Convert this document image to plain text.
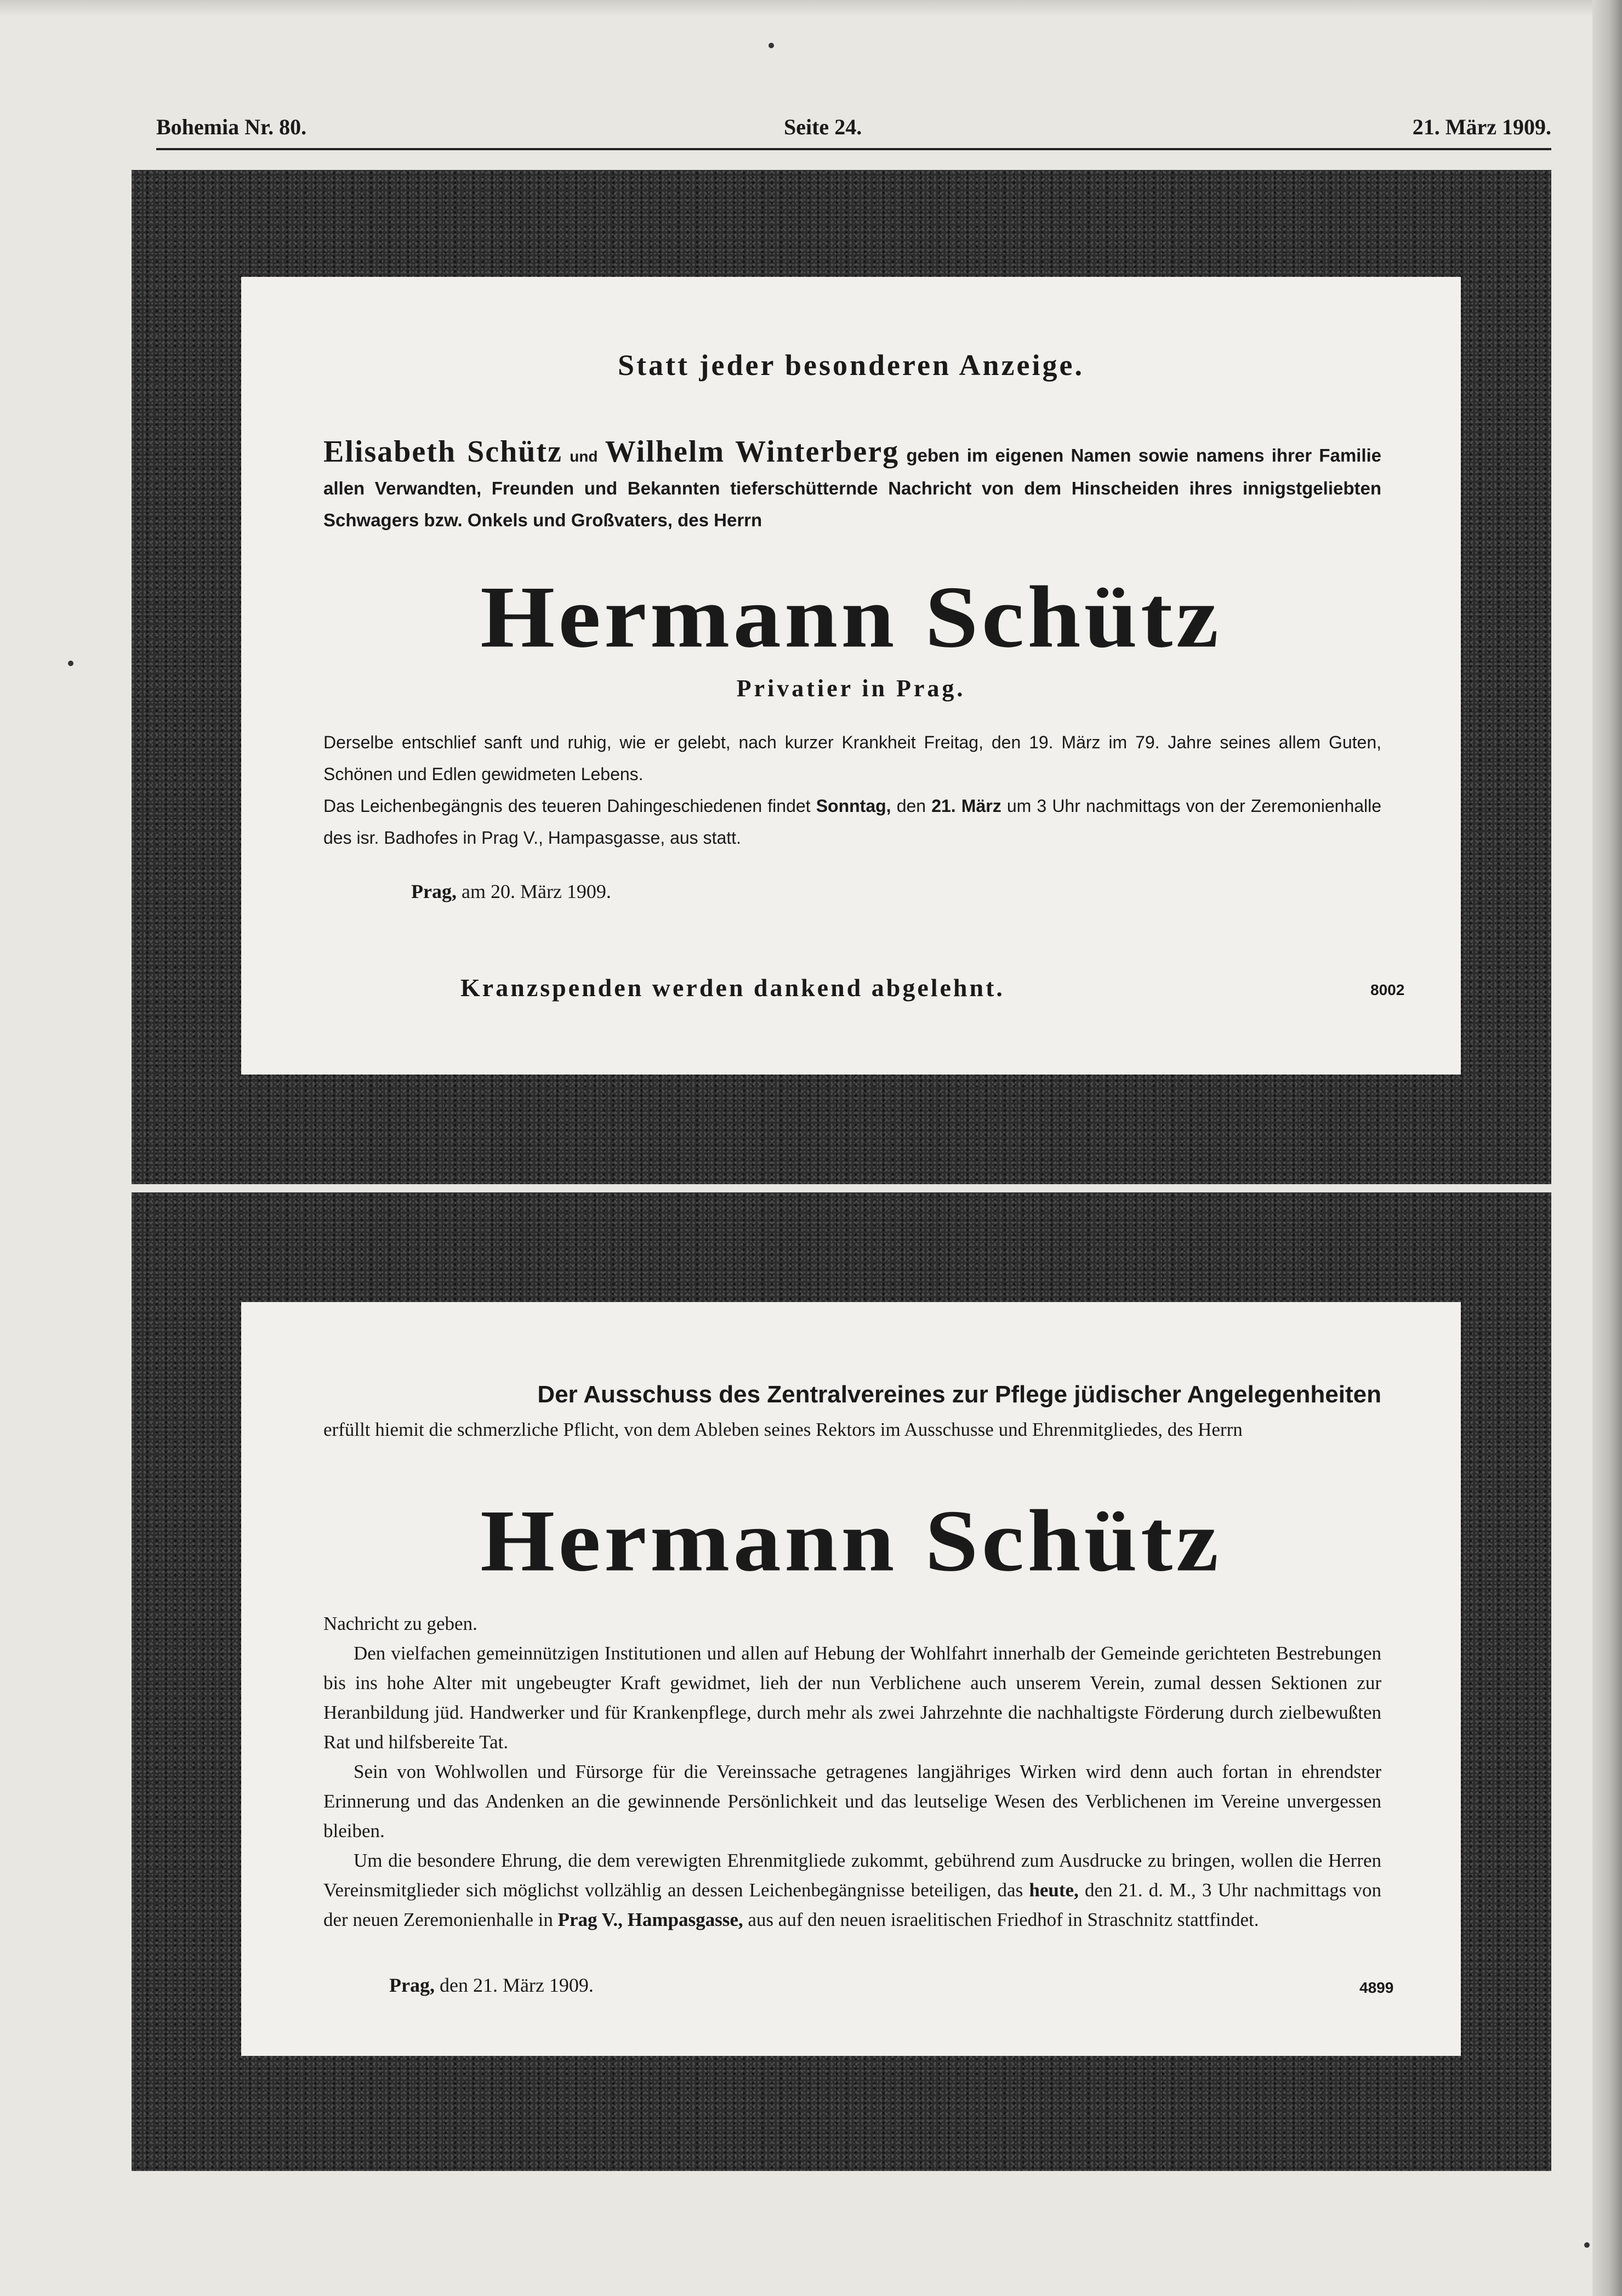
Bohemia Nr. 80.	Seite 24.	21. März 1909.
Statt jeder besonderen Anzeige.
Elisabeth Schütz und Wilhelm Winterberg geben im eigenen Namen sowie namens ihrer Familie allen Verwandten, Freunden und Bekannten tieferschütternde Nachricht von dem Hinscheiden ihres innigstgeliebten Schwagers bzw. Onkels und Großvaters, des Herrn
Hermann Schütz
Privatier in Prag.

Derselbe entschlief sanft und ruhig, wie er gelebt, nach kurzer Krankheit Freitag, den 19. März im 79. Jahre seines allem Guten, Schönen und Edlen gewidmeten Lebens.

Das Leichenbegängnis des teueren Dahingeschiedenen findet Sonntag, den 21. März um 3 Uhr nachmittags von der Zeremonienhalle des isr. Badhofes in Prag V., Hampasgasse, aus statt.

Prag, am 20. März 1909.
Kranzspenden werden dankend abgelehnt.	8002
Der Ausschuss des Zentralvereines zur Pflege jüdischer Angelegenheiten
erfüllt hiemit die schmerzliche Pflicht, von dem Ableben seines Rektors im Ausschusse und Ehrenmitgliedes, des Herrn
Hermann Schütz

Nachricht zu geben.

Den vielfachen gemeinnützigen Institutionen und allen auf Hebung der Wohlfahrt innerhalb der Gemeinde gerichteten Bestrebungen bis ins hohe Alter mit ungebeugter Kraft gewidmet, lieh der nun Verblichene auch unserem Verein, zumal dessen Sektionen zur Heranbildung jüd. Handwerker und für Krankenpflege, durch mehr als zwei Jahrzehnte die nachhaltigste Förderung durch zielbewußten Rat und hilfsbereite Tat.

Sein von Wohlwollen und Fürsorge für die Vereinssache getragenes langjähriges Wirken wird denn auch fortan in ehrendster Erinnerung und das Andenken an die gewinnende Persönlichkeit und das leutselige Wesen des Verblichenen im Vereine unvergessen bleiben.

Um die besondere Ehrung, die dem verewigten Ehrenmitgliede zukommt, gebührend zum Ausdrucke zu bringen, wollen die Herren Vereinsmitglieder sich möglichst vollzählig an dessen Leichenbegängnisse beteiligen, das heute, den 21. d. M., 3 Uhr nachmittags von der neuen Zeremonienhalle in Prag V., Hampasgasse, aus auf den neuen israelitischen Friedhof in Straschnitz stattfindet.

Prag, den 21. März 1909.	4899
